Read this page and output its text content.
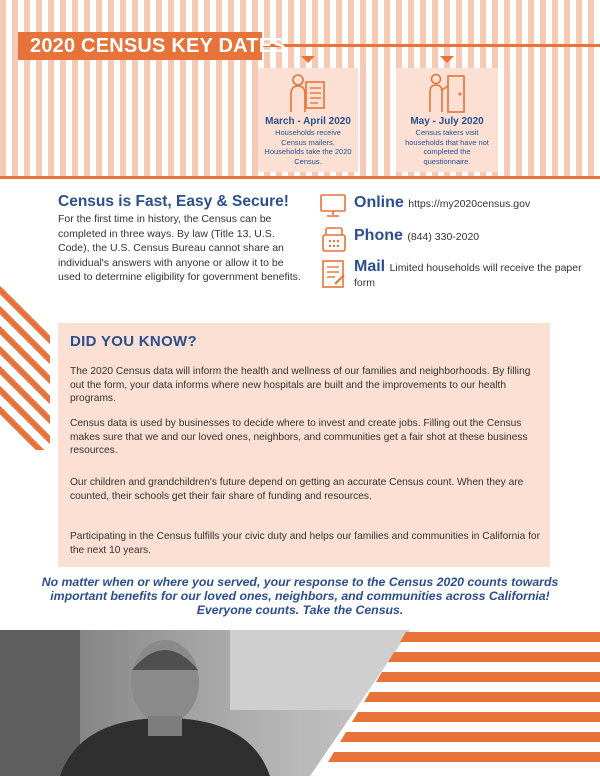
2020 CENSUS KEY DATES
March - April 2020
Households receive Census mailers. Households take the 2020 Census.
May - July 2020
Census takers visit households that have not completed the questionnaire.
Census is Fast, Easy & Secure!
For the first time in history, the Census can be completed in three ways. By law (Title 13, U.S. Code), the U.S. Census Bureau cannot share an individual's answers with anyone or allow it to be used to determine eligibility for government benefits.
Online https://my2020census.gov
Phone (844) 330-2020
Mail Limited households will receive the paper form
DID YOU KNOW?
The 2020 Census data will inform the health and wellness of our families and neighborhoods. By filling out the form, your data informs where new hospitals are built and the improvements to our health programs.
Census data is used by businesses to decide where to invest and create jobs. Filling out the Census makes sure that we and our loved ones, neighbors, and communities get a fair shot at these business resources.
Our children and grandchildren's future depend on getting an accurate Census count. When they are counted, their schools get their fair share of funding and resources.
Participating in the Census fulfills your civic duty and helps our families and communities in California for the next 10 years.
No matter when or where you served, your response to the Census 2020 counts towards important benefits for our loved ones, neighbors, and communities across California! Everyone counts. Take the Census.
